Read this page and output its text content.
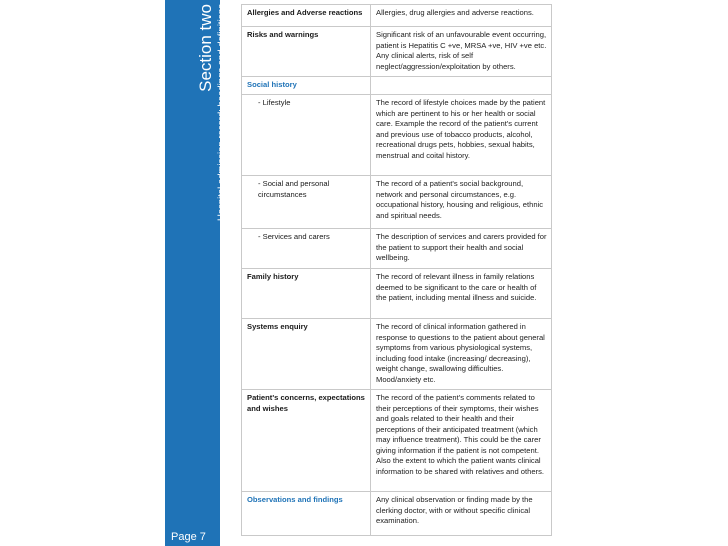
Section two Hospital admission record: headings and definitions
Page 7
Allergies and Adverse reactions	Allergies, drug allergies and adverse reactions.
Risks and warnings	Significant risk of an unfavourable event occurring, patient is Hepatitis C +ve, MRSA +ve, HIV +ve etc. Any clinical alerts, risk of self neglect/aggression/exploitation by others.
Social history	
- Lifestyle	The record of lifestyle choices made by the patient which are pertinent to his or her health or social care. Example the record of the patient's current and previous use of tobacco products, alcohol, recreational drugs pets, hobbies, sexual habits, menstrual and coital history.
- Social and personal circumstances	The record of a patient's social background, network and personal circumstances, e.g. occupational history, housing and religious, ethnic and spiritual needs.
- Services and carers	The description of services and carers provided for the patient to support their health and social wellbeing.
Family history	The record of relevant illness in family relations deemed to be significant to the care or health of the patient, including mental illness and suicide.
Systems enquiry	The record of clinical information gathered in response to questions to the patient about general symptoms from various physiological systems, including food intake (increasing/ decreasing), weight change, swallowing difficulties. Mood/anxiety etc.
Patient's concerns, expectations and wishes	The record of the patient's comments related to their perceptions of their symptoms, their wishes and goals related to their health and their perceptions of their anticipated treatment (which may influence treatment). This could be the carer giving information if the patient is not competent. Also the extent to which the patient wants clinical information to be shared with relatives and others.
Observations and findings	Any clinical observation or finding made by the clerking doctor, with or without specific clinical examination.
